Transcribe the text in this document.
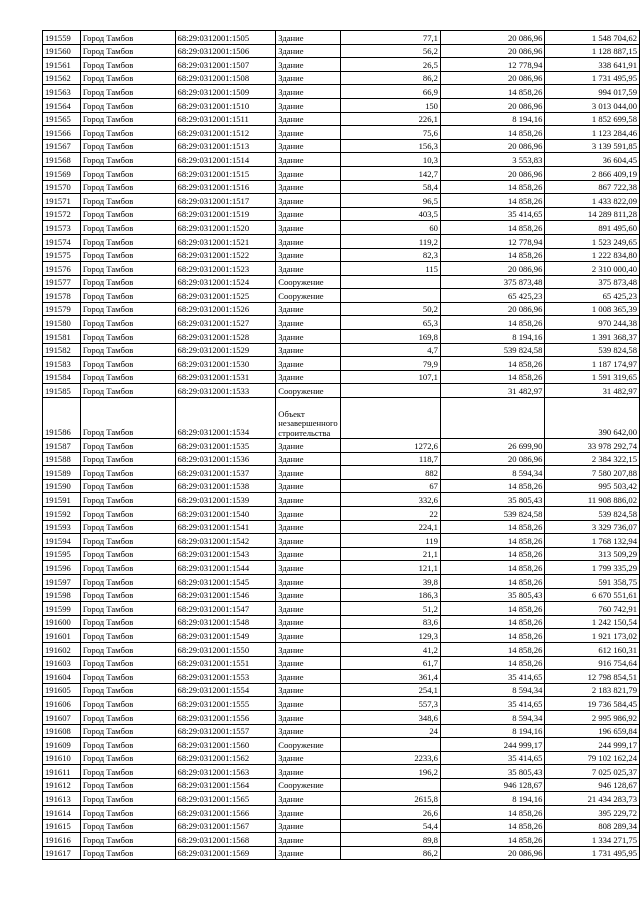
191559	Город Тамбов	68:29:0312001:1505	Здание	77,1	20 086,96	1 548 704,62
191560	Город Тамбов	68:29:0312001:1506	Здание	56,2	20 086,96	1 128 887,15
191561	Город Тамбов	68:29:0312001:1507	Здание	26,5	12 778,94	338 641,91
191562	Город Тамбов	68:29:0312001:1508	Здание	86,2	20 086,96	1 731 495,95
191563	Город Тамбов	68:29:0312001:1509	Здание	66,9	14 858,26	994 017,59
191564	Город Тамбов	68:29:0312001:1510	Здание	150	20 086,96	3 013 044,00
191565	Город Тамбов	68:29:0312001:1511	Здание	226,1	8 194,16	1 852 699,58
191566	Город Тамбов	68:29:0312001:1512	Здание	75,6	14 858,26	1 123 284,46
191567	Город Тамбов	68:29:0312001:1513	Здание	156,3	20 086,96	3 139 591,85
191568	Город Тамбов	68:29:0312001:1514	Здание	10,3	3 553,83	36 604,45
191569	Город Тамбов	68:29:0312001:1515	Здание	142,7	20 086,96	2 866 409,19
191570	Город Тамбов	68:29:0312001:1516	Здание	58,4	14 858,26	867 722,38
191571	Город Тамбов	68:29:0312001:1517	Здание	96,5	14 858,26	1 433 822,09
191572	Город Тамбов	68:29:0312001:1519	Здание	403,5	35 414,65	14 289 811,28
191573	Город Тамбов	68:29:0312001:1520	Здание	60	14 858,26	891 495,60
191574	Город Тамбов	68:29:0312001:1521	Здание	119,2	12 778,94	1 523 249,65
191575	Город Тамбов	68:29:0312001:1522	Здание	82,3	14 858,26	1 222 834,80
191576	Город Тамбов	68:29:0312001:1523	Здание	115	20 086,96	2 310 000,40
191577	Город Тамбов	68:29:0312001:1524	Сооружение		375 873,48	375 873,48
191578	Город Тамбов	68:29:0312001:1525	Сооружение		65 425,23	65 425,23
191579	Город Тамбов	68:29:0312001:1526	Здание	50,2	20 086,96	1 008 365,39
191580	Город Тамбов	68:29:0312001:1527	Здание	65,3	14 858,26	970 244,38
191581	Город Тамбов	68:29:0312001:1528	Здание	169,8	8 194,16	1 391 368,37
191582	Город Тамбов	68:29:0312001:1529	Здание	4,7	539 824,58	539 824,58
191583	Город Тамбов	68:29:0312001:1530	Здание	79,9	14 858,26	1 187 174,97
191584	Город Тамбов	68:29:0312001:1531	Здание	107,1	14 858,26	1 591 319,65
191585	Город Тамбов	68:29:0312001:1533	Сооружение		31 482,97	31 482,97
191586	Город Тамбов	68:29:0312001:1534	Объект незавершенного строительства			390 642,00
191587	Город Тамбов	68:29:0312001:1535	Здание	1272,6	26 699,90	33 978 292,74
191588	Город Тамбов	68:29:0312001:1536	Здание	118,7	20 086,96	2 384 322,15
191589	Город Тамбов	68:29:0312001:1537	Здание	882	8 594,34	7 580 207,88
191590	Город Тамбов	68:29:0312001:1538	Здание	67	14 858,26	995 503,42
191591	Город Тамбов	68:29:0312001:1539	Здание	332,6	35 805,43	11 908 886,02
191592	Город Тамбов	68:29:0312001:1540	Здание	22	539 824,58	539 824,58
191593	Город Тамбов	68:29:0312001:1541	Здание	224,1	14 858,26	3 329 736,07
191594	Город Тамбов	68:29:0312001:1542	Здание	119	14 858,26	1 768 132,94
191595	Город Тамбов	68:29:0312001:1543	Здание	21,1	14 858,26	313 509,29
191596	Город Тамбов	68:29:0312001:1544	Здание	121,1	14 858,26	1 799 335,29
191597	Город Тамбов	68:29:0312001:1545	Здание	39,8	14 858,26	591 358,75
191598	Город Тамбов	68:29:0312001:1546	Здание	186,3	35 805,43	6 670 551,61
191599	Город Тамбов	68:29:0312001:1547	Здание	51,2	14 858,26	760 742,91
191600	Город Тамбов	68:29:0312001:1548	Здание	83,6	14 858,26	1 242 150,54
191601	Город Тамбов	68:29:0312001:1549	Здание	129,3	14 858,26	1 921 173,02
191602	Город Тамбов	68:29:0312001:1550	Здание	41,2	14 858,26	612 160,31
191603	Город Тамбов	68:29:0312001:1551	Здание	61,7	14 858,26	916 754,64
191604	Город Тамбов	68:29:0312001:1553	Здание	361,4	35 414,65	12 798 854,51
191605	Город Тамбов	68:29:0312001:1554	Здание	254,1	8 594,34	2 183 821,79
191606	Город Тамбов	68:29:0312001:1555	Здание	557,3	35 414,65	19 736 584,45
191607	Город Тамбов	68:29:0312001:1556	Здание	348,6	8 594,34	2 995 986,92
191608	Город Тамбов	68:29:0312001:1557	Здание	24	8 194,16	196 659,84
191609	Город Тамбов	68:29:0312001:1560	Сооружение		244 999,17	244 999,17
191610	Город Тамбов	68:29:0312001:1562	Здание	2233,6	35 414,65	79 102 162,24
191611	Город Тамбов	68:29:0312001:1563	Здание	196,2	35 805,43	7 025 025,37
191612	Город Тамбов	68:29:0312001:1564	Сооружение		946 128,67	946 128,67
191613	Город Тамбов	68:29:0312001:1565	Здание	2615,8	8 194,16	21 434 283,73
191614	Город Тамбов	68:29:0312001:1566	Здание	26,6	14 858,26	395 229,72
191615	Город Тамбов	68:29:0312001:1567	Здание	54,4	14 858,26	808 289,34
191616	Город Тамбов	68:29:0312001:1568	Здание	89,8	14 858,26	1 334 271,75
191617	Город Тамбов	68:29:0312001:1569	Здание	86,2	20 086,96	1 731 495,95
